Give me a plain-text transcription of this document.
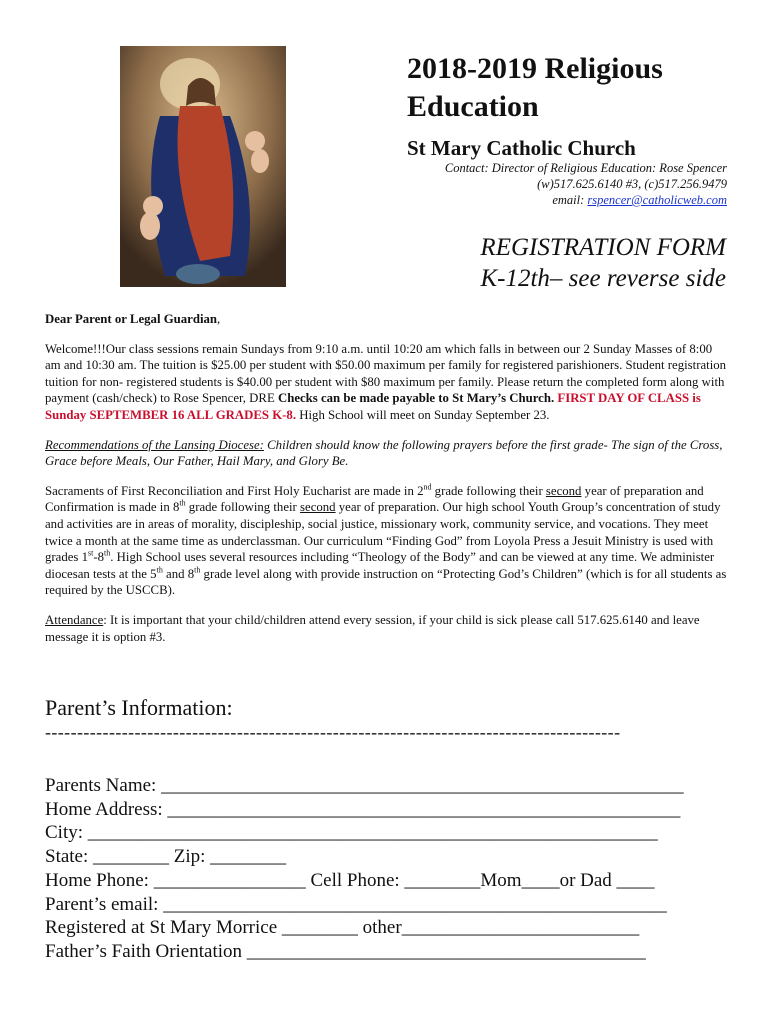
2018-2019 Religious
Education
St Mary Catholic Church
Contact: Director of Religious Education: Rose Spencer
(w)517.625.6140 #3, (c)517.256.9479
email: rspencer@catholicweb.com
REGISTRATION FORM
K-12th– see reverse side

Dear Parent or Legal Guardian,

Welcome!!!Our class sessions remain Sundays from 9:10 a.m. until 10:20 am which falls in between our 2 Sunday Masses of 8:00 am and 10:30 am. The tuition is $25.00 per student with $50.00 maximum per family for registered parishioners. Student registration tuition for non- registered students is $40.00 per student with $80 maximum per family. Please return the completed form along with payment (cash/check) to Rose Spencer, DRE Checks can be made payable to St Mary’s Church. FIRST DAY OF CLASS is Sunday SEPTEMBER 16 ALL GRADES K-8. High School will meet on Sunday September 23.

Recommendations of the Lansing Diocese: Children should know the following prayers before the first grade- The sign of the Cross, Grace before Meals, Our Father, Hail Mary, and Glory Be.

Sacraments of First Reconciliation and First Holy Eucharist are made in 2nd grade following their second year of preparation and Confirmation is made in 8th grade following their second year of preparation. Our high school Youth Group’s concentration of study and activities are in areas of morality, discipleship, social justice, missionary work, community service, and vocations. They meet twice a month at the same time as underclassman. Our curriculum “Finding God” from Loyola Press a Jesuit Ministry is used with grades 1st-8th. High School uses several resources including “Theology of the Body” and can be viewed at any time. We administer diocesan tests at the 5th and 8th grade level along with provide instruction on “Protecting God’s Children” (which is for all students as required by the USCCB).

Attendance: It is important that your child/children attend every session, if your child is sick please call 517.625.6140 and leave message it is option #3.

Parent’s Information:
------------------------------------------------------------------------------------------
Parents Name: _______________________________________________________
Home Address: ______________________________________________________
City: ____________________________________________________________
State: ________ Zip: ________
Home Phone: ________________ Cell Phone: ________Mom____or Dad ____
Parent’s email: _____________________________________________________
Registered at St Mary Morrice ________ other_________________________
Father’s Faith Orientation __________________________________________
